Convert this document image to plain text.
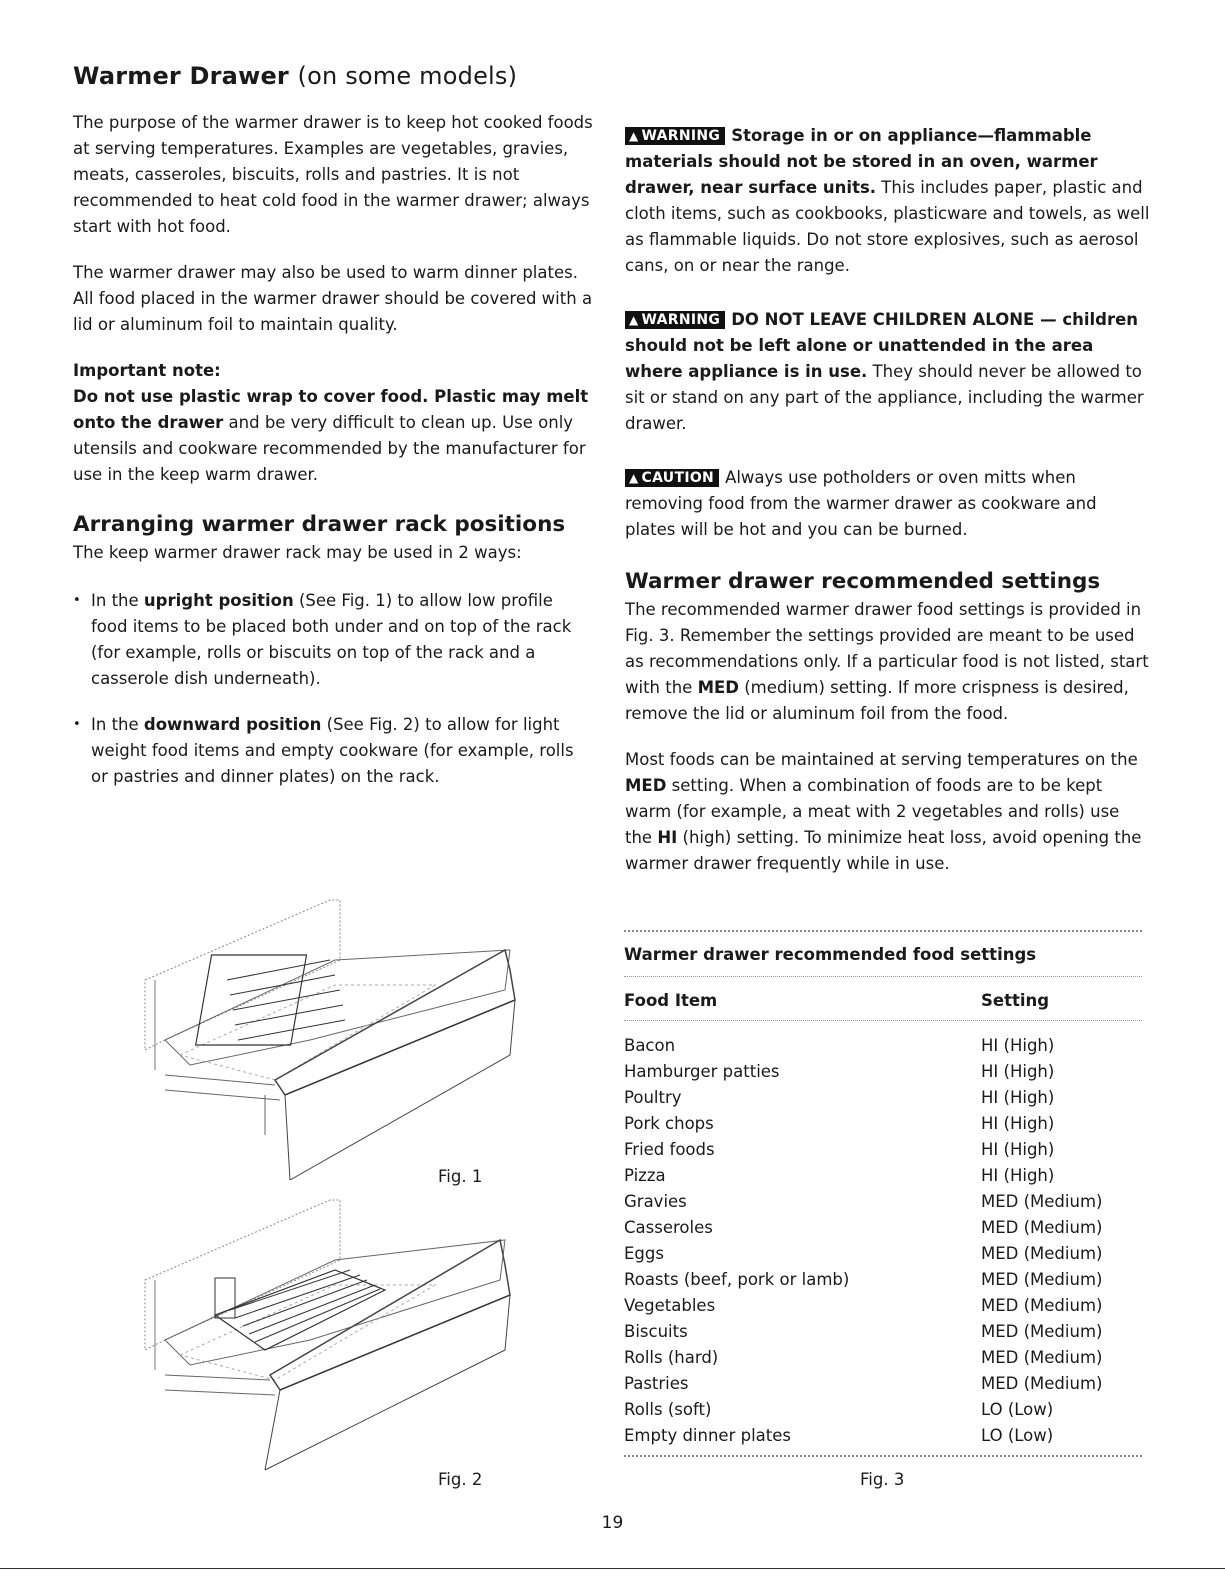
Warmer Drawer (on some models)

The purpose of the warmer drawer is to keep hot cooked foods at serving temperatures. Examples are vegetables, gravies, meats, casseroles, biscuits, rolls and pastries. It is not recommended to heat cold food in the warmer drawer; always start with hot food.

The warmer drawer may also be used to warm dinner plates. All food placed in the warmer drawer should be covered with a lid or aluminum foil to maintain quality.

Important note:

Do not use plastic wrap to cover food. Plastic may melt onto the drawer and be very difficult to clean up. Use only utensils and cookware recommended by the manufacturer for use in the keep warm drawer.

Arranging warmer drawer rack positions

The keep warmer drawer rack may be used in 2 ways:

• In the upright position (See Fig. 1) to allow low profile food items to be placed both under and on top of the rack (for example, rolls or biscuits on top of the rack and a casserole dish underneath).
• In the downward position (See Fig. 2) to allow for light weight food items and empty cookware (for example, rolls or pastries and dinner plates) on the rack.
Fig. 1
Fig. 2

▲ WARNING Storage in or on appliance—flammable materials should not be stored in an oven, warmer drawer, near surface units. This includes paper, plastic and cloth items, such as cookbooks, plasticware and towels, as well as flammable liquids. Do not store explosives, such as aerosol cans, on or near the range.

▲ WARNING DO NOT LEAVE CHILDREN ALONE — children should not be left alone or unattended in the area where appliance is in use. They should never be allowed to sit or stand on any part of the appliance, including the warmer drawer.

▲ CAUTION Always use potholders or oven mitts when removing food from the warmer drawer as cookware and plates will be hot and you can be burned.

Warmer drawer recommended settings

The recommended warmer drawer food settings is provided in Fig. 3. Remember the settings provided are meant to be used as recommendations only. If a particular food is not listed, start with the MED (medium) setting. If more crispness is desired, remove the lid or aluminum foil from the food.

Most foods can be maintained at serving temperatures on the MED setting. When a combination of foods are to be kept warm (for example, a meat with 2 vegetables and rolls) use the HI (high) setting. To minimize heat loss, avoid opening the warmer drawer frequently while in use.

Warmer drawer recommended food settings
Food Item	Setting
Bacon	HI (High)
Hamburger patties	HI (High)
Poultry	HI (High)
Pork chops	HI (High)
Fried foods	HI (High)
Pizza	HI (High)
Gravies	MED (Medium)
Casseroles	MED (Medium)
Eggs	MED (Medium)
Roasts (beef, pork or lamb)	MED (Medium)
Vegetables	MED (Medium)
Biscuits	MED (Medium)
Rolls (hard)	MED (Medium)
Pastries	MED (Medium)
Rolls (soft)	LO (Low)
Empty dinner plates	LO (Low)
Fig. 3
19
